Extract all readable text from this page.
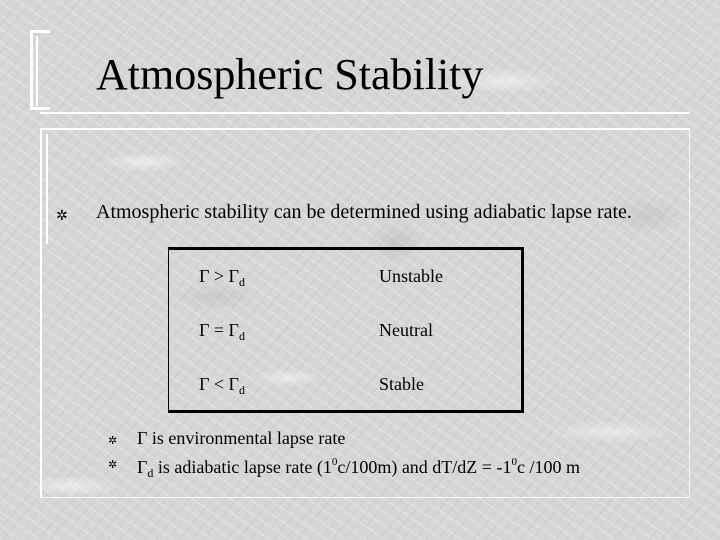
Atmospheric Stability
✲ Atmospheric stability can be determined using adiabatic lapse rate.
$\Gamma > \Gamma_d$	Unstable
$\Gamma = \Gamma_d$	Neutral
$\Gamma < \Gamma_d$	Stable
✲ Γ is environmental lapse rate
✲ $\Gamma_d$ is adiabatic lapse rate $(1^0c/100m)$ and $dT/dZ = -1^0c$ /100 m
